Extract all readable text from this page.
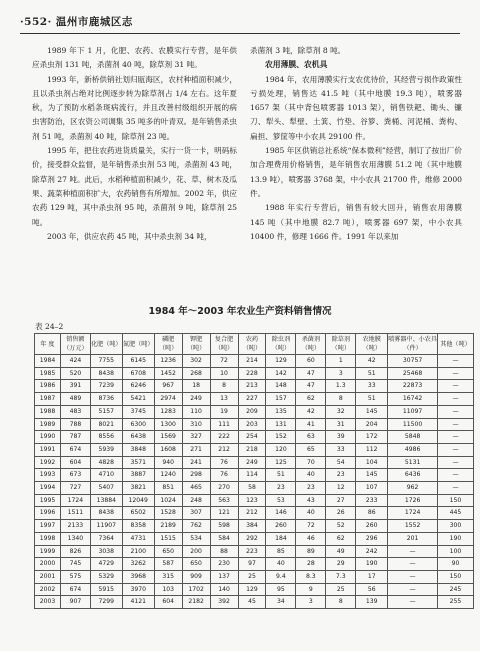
·552· 温州市鹿城区志

1989 年下 1 月，化肥、农药、农膜实行专营，是年供应杀虫剂 131 吨，杀菌剂 40 吨，除草剂 31 吨。

1993 年，新桥供销社划归瓯海区，农村种植面积减少，且以杀虫剂占绝对比例逐步转为除草剂占 1/4 左右。这年夏秋，为了预防水稻条斑病流行，并且改善村级组织开展的病虫害防治，区农资公司调集 35 吨多的叶青双。是年销售杀虫剂 51 吨，杀菌剂 40 吨，除草剂 23 吨。

1995 年，把住农药进货质量关，实行一货一卡，明码标价，接受群众监督，是年销售杀虫剂 53 吨，杀菌剂 43 吨，除草剂 27 吨。此后，水稻种植面积减少，花、草、树木及瓜果、蔬菜种植面积扩大，农药销售有所增加。2002 年，供应农药 129 吨，其中杀虫剂 95 吨，杀菌剂 9 吨，除草剂 25 吨。

2003 年，供应农药 45 吨，其中杀虫剂 34 吨，

杀菌剂 3 吨，除草剂 8 吨。

农用薄膜、农机具

1984 年，农用薄膜实行支农优待价，其经营亏损作政策性亏损处理，销售达 41.5 吨（其中地膜 19.3 吨），喷雾器 1657 架（其中背包喷雾器 1013 架），销售铁耙、锄头、镰刀、犁头、犁壁、土箕、竹垫、谷箩、粪桶、河泥桶、粪构、扁担、箩筐等中小农具 29100 件。

1985 年区供销总社系统“保本微利”经营，制订了按出厂价加合理费用价格销售，是年销售农用薄膜 51.2 吨（其中地膜 13.9 吨），喷雾器 3768 架，中小农具 21700 件，维修 2000 件。

1988 年实行专营后，销售有较大回升，销售农用薄膜 145 吨（其中地膜 82.7 吨），喷雾器 697 架，中小农具 10400 件，修理 1666 件。1991 年以来加

1984 年～2003 年农业生产资料销售情况
表 24–2
年 度	销售额（万元）	化肥（吨）	氮肥（吨）	磷肥（吨）	钾肥（吨）	复合肥（吨）	农药（吨）	除虫剂（吨）	杀菌剂（吨）	除草剂（吨）	农地膜（吨）	喷雾器中、小农具（件）	其他（吨）
1984	424	7755	6145	1236	302	72	214	129	60	1	42	30757	—
1985	520	8438	6708	1452	268	10	228	142	47	3	51	25468	—
1986	391	7239	6246	967	18	8	213	148	47	1.3	33	22873	—
1987	489	8736	5421	2974	249	13	227	157	62	8	51	16742	—
1988	483	5157	3745	1283	110	19	209	135	42	32	145	11097	—
1989	788	8021	6300	1300	310	111	203	131	41	31	204	11500	—
1990	787	8556	6438	1569	327	222	254	152	63	39	172	5848	—
1991	674	5939	3848	1608	271	212	218	120	65	33	112	4986	—
1992	604	4828	3571	940	241	76	249	125	70	54	104	5131	—
1993	673	4710	3887	1240	298	76	114	51	40	23	145	6436	—
1994	727	5407	3821	851	465	270	58	23	23	12	107	962	—
1995	1724	13884	12049	1024	248	563	123	53	43	27	233	1726	150
1996	1511	8438	6502	1528	307	121	212	146	40	26	86	1724	445
1997	2133	11907	8358	2189	762	598	384	260	72	52	260	1552	300
1998	1340	7364	4731	1515	534	584	292	184	46	62	296	201	190
1999	826	3038	2100	650	200	88	223	85	89	49	242	—	100
2000	745	4729	3262	587	650	230	97	40	28	29	190	—	90
2001	575	5329	3968	315	909	137	25	9.4	8.3	7.3	17	—	150
2002	674	5915	3970	103	1702	140	129	95	9	25	56	—	245
2003	907	7299	4121	604	2182	392	45	34	3	8	139	—	255
